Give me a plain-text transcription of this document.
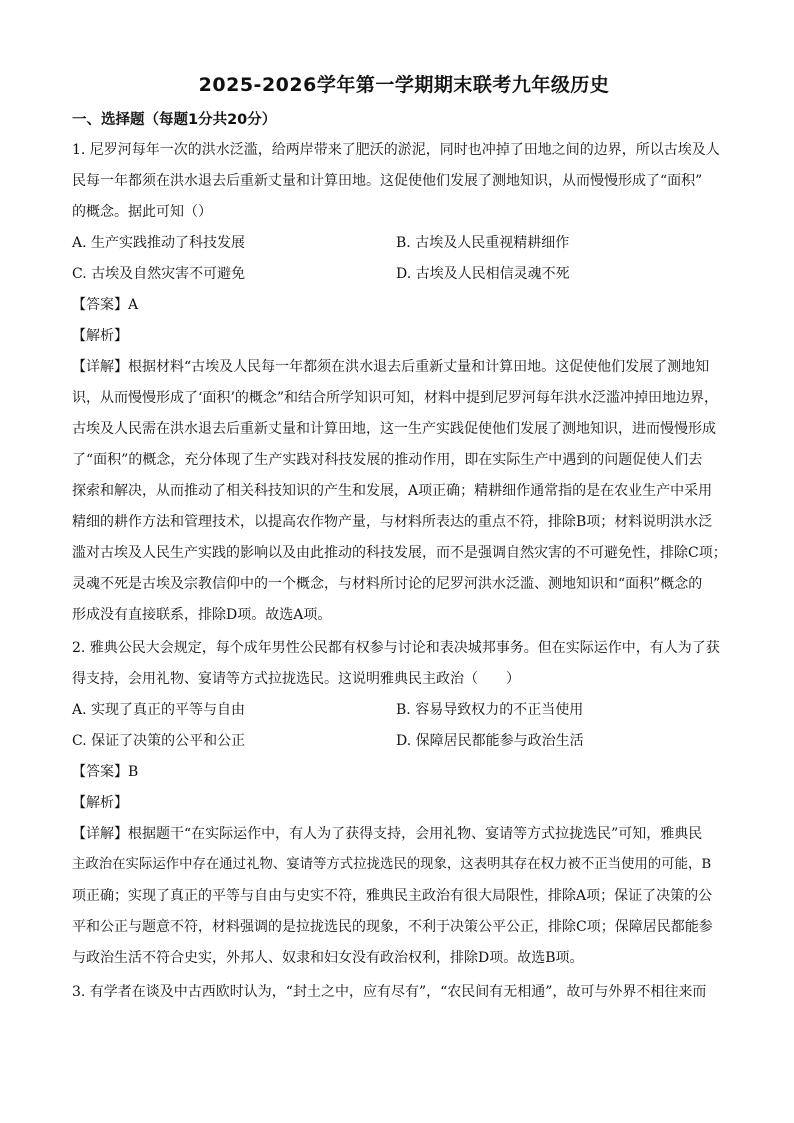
2025-2026学年第一学期期末联考九年级历史
一、选择题（每题1分共20分）
1. 尼罗河每年一次的洪水泛滥，给两岸带来了肥沃的淤泥，同时也冲掉了田地之间的边界，所以古埃及人
民每一年都须在洪水退去后重新丈量和计算田地。这促使他们发展了测地知识，从而慢慢形成了“面积”
的概念。据此可知（）
A. 生产实践推动了科技发展	B. 古埃及人民重视精耕细作
C. 古埃及自然灾害不可避免	D. 古埃及人民相信灵魂不死
【答案】A
【解析】
【详解】根据材料“古埃及人民每一年都须在洪水退去后重新丈量和计算田地。这促使他们发展了测地知
识，从而慢慢形成了‘面积’的概念”和结合所学知识可知，材料中提到尼罗河每年洪水泛滥冲掉田地边界，
古埃及人民需在洪水退去后重新丈量和计算田地，这一生产实践促使他们发展了测地知识，进而慢慢形成
了“面积”的概念，充分体现了生产实践对科技发展的推动作用，即在实际生产中遇到的问题促使人们去
探索和解决，从而推动了相关科技知识的产生和发展，A项正确；精耕细作通常指的是在农业生产中采用
精细的耕作方法和管理技术，以提高农作物产量，与材料所表达的重点不符，排除B项；材料说明洪水泛
滥对古埃及人民生产实践的影响以及由此推动的科技发展，而不是强调自然灾害的不可避免性，排除C项；
灵魂不死是古埃及宗教信仰中的一个概念，与材料所讨论的尼罗河洪水泛滥、测地知识和“面积”概念的
形成没有直接联系，排除D项。故选A项。
2. 雅典公民大会规定，每个成年男性公民都有权参与讨论和表决城邦事务。但在实际运作中，有人为了获
得支持，会用礼物、宴请等方式拉拢选民。这说明雅典民主政治（　　）
A. 实现了真正的平等与自由	B. 容易导致权力的不正当使用
C. 保证了决策的公平和公正	D. 保障居民都能参与政治生活
【答案】B
【解析】
【详解】根据题干“在实际运作中，有人为了获得支持，会用礼物、宴请等方式拉拢选民”可知，雅典民
主政治在实际运作中存在通过礼物、宴请等方式拉拢选民的现象，这表明其存在权力被不正当使用的可能，B
项正确；实现了真正的平等与自由与史实不符，雅典民主政治有很大局限性，排除A项；保证了决策的公
平和公正与题意不符，材料强调的是拉拢选民的现象，不利于决策公平公正，排除C项；保障居民都能参
与政治生活不符合史实，外邦人、奴隶和妇女没有政治权利，排除D项。故选B项。
3. 有学者在谈及中古西欧时认为，“封土之中，应有尽有”，“农民间有无相通”，故可与外界不相往来而
